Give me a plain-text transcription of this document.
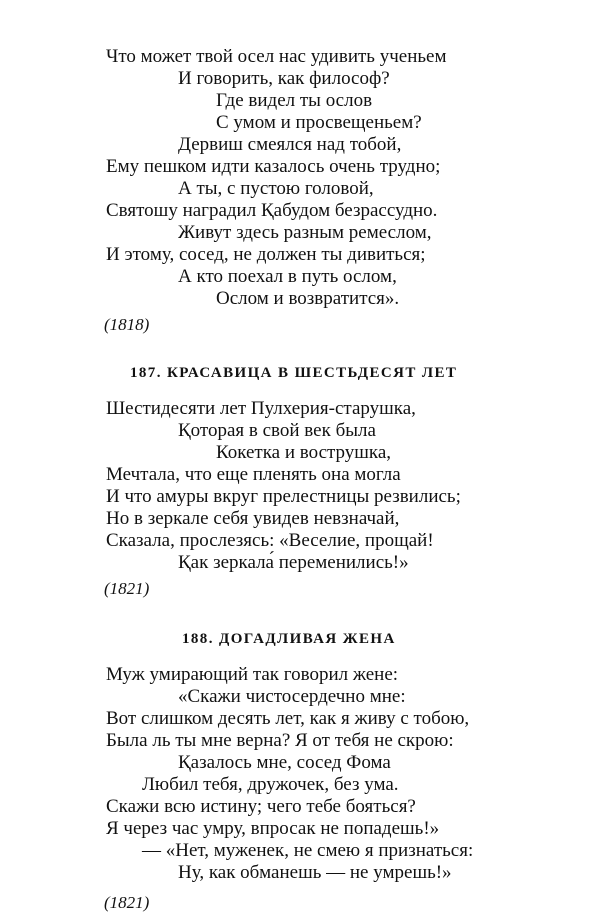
Что может твой осел нас удивить ученьем
И говорить, как философ?
Где видел ты ослов
С умом и просвещеньем?
Дервиш смеялся над тобой,
Ему пешком идти казалось очень трудно;
А ты, с пустою головой,
Святошу наградил Қабудом безрассудно.
Живут здесь разным ремеслом,
И этому, сосед, не должен ты дивиться;
А кто поехал в путь ослом,
Ослом и возвратится».
(1818)
187. КРАСАВИЦА В ШЕСТЬДЕСЯТ ЛЕТ
Шестидесяти лет Пулхерия-старушка,
Қоторая в свой век была
Кокетка и вострушка,
Мечтала, что еще пленять она могла
И что амуры вкруг прелестницы резвились;
Но в зеркале себя увидев невзначай,
Сказала, прослезясь: «Веселие, прощай!
Қак зеркала́ переменились!»
(1821)
188. ДОГАДЛИВАЯ ЖЕНА
Муж умирающий так говорил жене:
«Скажи чистосердечно мне:
Вот слишком десять лет, как я живу с тобою,
Была ль ты мне верна? Я от тебя не скрою:
Қазалось мне, сосед Фома
Любил тебя, дружочек, без ума.
Скажи всю истину; чего тебе бояться?
Я через час умру, впросак не попадешь!»
— «Нет, муженек, не смею я признаться:
Ну, как обманешь — не умрешь!»
(1821)
